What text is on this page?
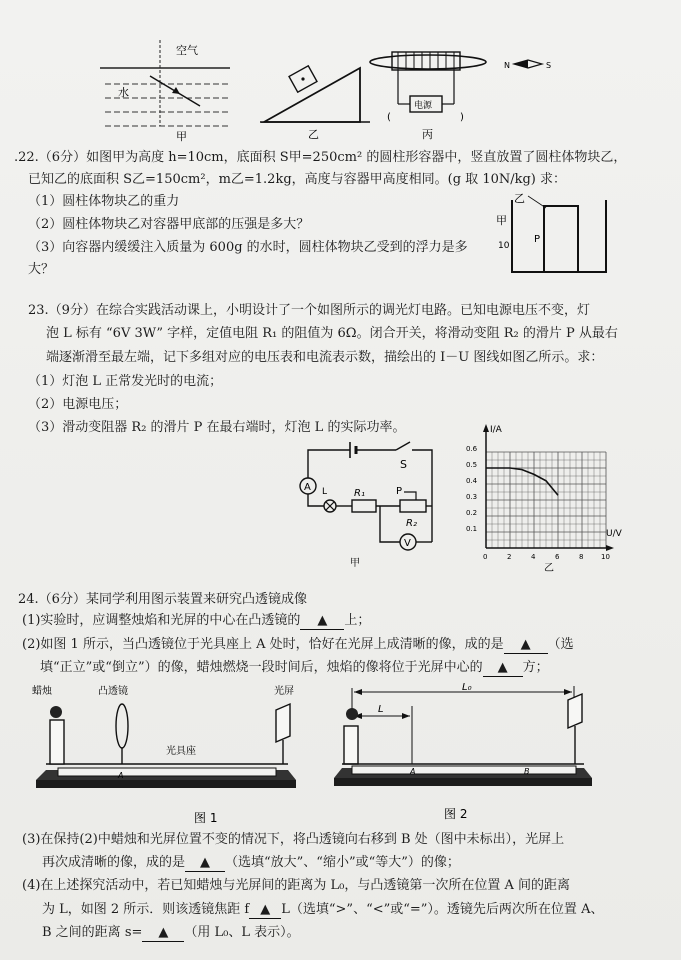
空气
水
甲	乙
电源
(	)
N	S
丙
.22.（6分）如图甲为高度 h=10cm，底面积 S甲=250cm² 的圆柱形容器中，竖直放置了圆柱体物块乙，
已知乙的底面积 S乙=150cm²，m乙=1.2kg，高度与容器甲高度相同。(g 取 10N/kg) 求：
（1）圆柱体物块乙的重力
（2）圆柱体物块乙对容器甲底部的压强是多大？
（3）向容器内缓缓注入质量为 600g 的水时，圆柱体物块乙受到的浮力是多
大？
乙
甲
P
10
23.（9分）在综合实践活动课上，小明设计了一个如图所示的调光灯电路。已知电源电压不变，灯
泡 L 标有 “6V 3W” 字样，定值电阻 R₁ 的阻值为 6Ω。闭合开关，将滑动变阻 R₂ 的滑片 P 从最右
端逐渐滑至最左端，记下多组对应的电压表和电流表示数，描绘出的 I－U 图线如图乙所示。求：
（1）灯泡 L 正常发光时的电流；
（2）电源电压；
（3）滑动变阻器 R₂ 的滑片 P 在最右端时，灯泡 L 的实际功率。
A L	R₁	P
R₂
S
V
甲
I/A
U/V
0.6
0.5
0.4
0.3
0.2
0.1
0	2	4	6	8	10
乙
24.（6分）某同学利用图示装置来研究凸透镜成像
(1)实验时，应调整烛焰和光屏的中心在凸透镜的 ▲ 上；
(2)如图 1 所示，当凸透镜位于光具座上 A 处时，恰好在光屏上成清晰的像，成的是 ▲ （选
填“正立”或“倒立”）的像，蜡烛燃烧一段时间后，烛焰的像将位于光屏中心的 ▲ 方；
蜡烛	凸透镜	光屏
光具座
A
图 1
L₀
L
A	B
图 2
(3)在保持(2)中蜡烛和光屏位置不变的情况下，将凸透镜向右移到 B 处（图中未标出），光屏上
再次成清晰的像，成的是 ▲ （选填“放大”、“缩小”或“等大”）的像；
(4)在上述探究活动中，若已知蜡烛与光屏间的距离为 L₀，与凸透镜第一次所在位置 A 间的距离
为 L，如图 2 所示．则该透镜焦距 f ▲ L（选填“>”、“<”或“=”）。透镜先后两次所在位置 A、
B 之间的距离 s= ▲ （用 L₀、L 表示）。
